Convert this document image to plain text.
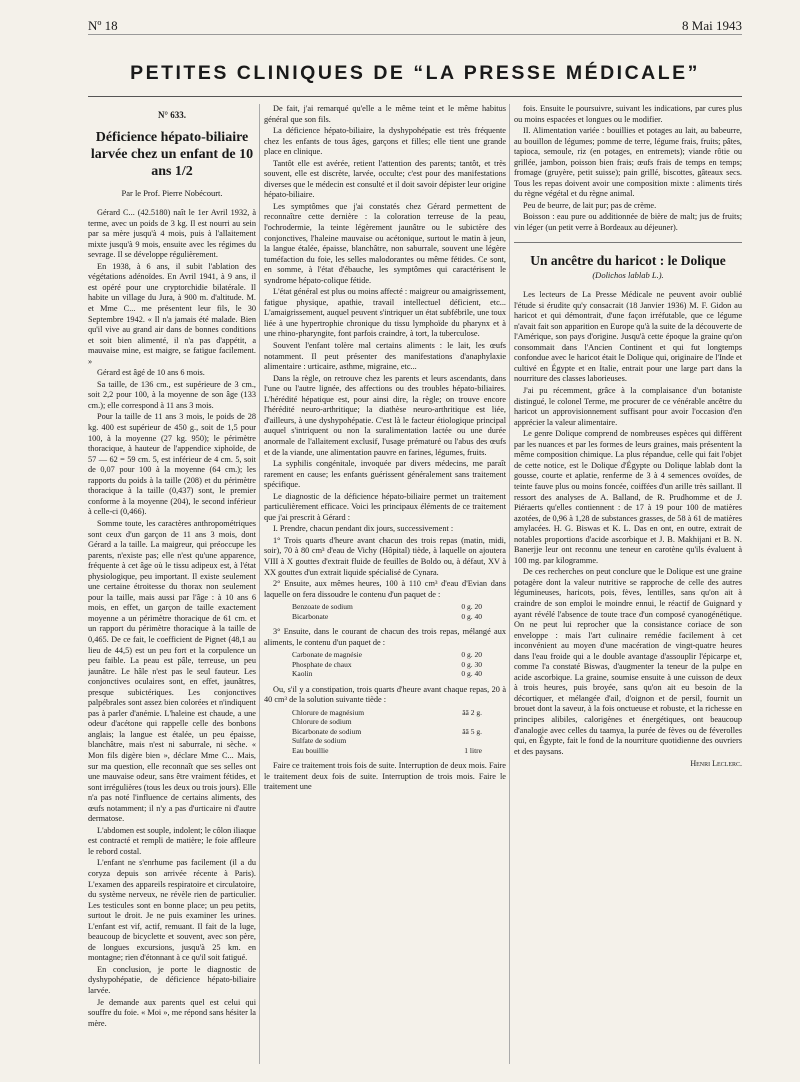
Nº 18	8 Mai 1943
PETITES CLINIQUES DE “LA PRESSE MÉDICALE”
N° 633.
Déficience hépato-biliaire larvée chez un enfant de 10 ans 1/2
Par le Prof. Pierre Nobécourt.

Gérard C... (42.5180) naît le 1er Avril 1932, à terme, avec un poids de 3 kg. Il est nourri au sein par sa mère jusqu'à 4 mois, puis à l'allaitement mixte jusqu'à 9 mois, ensuite avec les régimes du sevrage. Il se développe régulièrement.

En 1938, à 6 ans, il subit l'ablation des végétations adénoïdes. En Avril 1941, à 9 ans, il est opéré pour une cryptorchidie bilatérale. Il habite un village du Jura, à 900 m. d'altitude. M. et Mme C... me présentent leur fils, le 30 Septembre 1942. « Il n'a jamais été malade. Bien qu'il vive au grand air dans de bonnes conditions et soit bien alimenté, il n'a pas d'appétit, a mauvaise mine, est maigre, se fatigue facilement. »

Gérard est âgé de 10 ans 6 mois.

Sa taille, de 136 cm., est supérieure de 3 cm., soit 2,2 pour 100, à la moyenne de son âge (133 cm.); elle correspond à 11 ans 3 mois.

Pour la taille de 11 ans 3 mois, le poids de 28 kg. 400 est supérieur de 450 g., soit de 1,5 pour 100, à la moyenne (27 kg. 950); le périmètre thoracique, à hauteur de l'appendice xiphoïde, de 57 — 62 = 59 cm. 5, est inférieur de 4 cm. 5, soit de 0,07 pour 100 à la moyenne (64 cm.); les rapports du poids à la taille (208) et du périmètre thoracique à la taille (0,437) sont, le premier conforme à la moyenne (204), le second inférieur à celle-ci (0,466).

Somme toute, les caractères anthropométriques sont ceux d'un garçon de 11 ans 3 mois, dont Gérard a la taille. La maigreur, qui préoccupe les parents, n'existe pas; elle n'est qu'une apparence, fréquente à cet âge où le tissu adipeux est, à l'état physiologique, peu important. Il existe seulement une certaine étroitesse du thorax non seulement pour la taille, mais aussi par l'âge : à 10 ans 6 mois, en effet, un garçon de taille exactement moyenne a un périmètre thoracique de 61 cm. et un rapport du périmètre thoracique à la taille de 0,465. De ce fait, le coefficient de Pignet (48,1 au lieu de 44,5) est un peu fort et la corpulence un peu faible. La peau est pâle, terreuse, un peu jaunâtre. Le hâle n'est pas le seul fauteur. Les conjonctives oculaires sont, en effet, jaunâtres, presque subictériques. Les conjonctives palpébrales sont assez bien colorées et n'indiquent pas à parler d'anémie. L'haleine est chaude, a une odeur d'acétone qui rappelle celle des bonbons anglais; la langue est étalée, un peu épaisse, blanchâtre, mais n'est ni saburrale, ni sèche. « Mon fils digère bien », déclare Mme C... Mais, sur ma question, elle reconnaît que ses selles ont une mauvaise odeur, sans être vraiment fétides, et sont irrégulières (tous les deux ou trois jours). Elle n'a pas noté l'influence de certains aliments, des œufs notamment; il n'y a pas d'urticaire ni d'autre dermatose.

L'abdomen est souple, indolent; le côlon iliaque est contracté et rempli de matière; le foie affleure le rebord costal.

L'enfant ne s'enrhume pas facilement (il a du coryza depuis son arrivée récente à Paris). L'examen des appareils respiratoire et circulatoire, du système nerveux, ne révèle rien de particulier. Les testicules sont en bonne place; un peu petits, surtout le droit. Je ne puis examiner les urines. L'enfant est vif, actif, remuant. Il fait de la luge, beaucoup de bicyclette et souvent, avec son père, de longues excursions, jusqu'à 25 km. en montagne; rien d'étonnant à ce qu'il soit fatigué.

En conclusion, je porte le diagnostic de dyshypohépatie, de déficience hépato-biliaire larvée.

Je demande aux parents quel est celui qui souffre du foie. « Moi », me répond sans hésiter la mère.

De fait, j'ai remarqué qu'elle a le même teint et le même habitus général que son fils.

La déficience hépato-biliaire, la dyshypohépatie est très fréquente chez les enfants de tous âges, garçons et filles; elle tient une grande place en clinique.

Tantôt elle est avérée, retient l'attention des parents; tantôt, et très souvent, elle est discrète, larvée, occulte; c'est pour des manifestations diverses que le médecin est consulté et il doit savoir dépister leur origine hépato-biliaire.

Les symptômes que j'ai constatés chez Gérard permettent de reconnaître cette dernière : la coloration terreuse de la peau, l'ochrodermie, la teinte légèrement jaunâtre ou le subictère des conjonctives, l'haleine mauvaise ou acétonique, surtout le matin à jeun, la langue étalée, épaisse, blanchâtre, non saburrale, souvent une légère tuméfaction du foie, les selles malodorantes ou même fétides. Ce sont, en somme, à l'état d'ébauche, les symptômes qui caractérisent le syndrome hépato-colique fétide.

L'état général est plus ou moins affecté : maigreur ou amaigrissement, fatigue physique, apathie, travail intellectuel déficient, etc... L'amaigrissement, auquel peuvent s'intriquer un état subfébrile, une toux liée à une hypertrophie chronique du tissu lymphoïde du pharynx et à une rhino-pharyngite, font parfois craindre, à tort, la tuberculose.

Souvent l'enfant tolère mal certains aliments : le lait, les œufs notamment. Il peut présenter des manifestations d'anaphylaxie alimentaire : urticaire, asthme, migraine, etc...

Dans la règle, on retrouve chez les parents et leurs ascendants, dans l'une ou l'autre lignée, des affections ou des troubles hépato-biliaires. L'hérédité hépatique est, pour ainsi dire, la règle; on trouve encore l'hérédité neuro-arthritique; la diathèse neuro-arthritique est liée, d'ailleurs, à une dyshypohépatie. C'est là le facteur étiologique principal auquel s'intriquent ou non la suralimentation lactée ou une durée anormale de l'allaitement exclusif, l'usage prématuré ou l'abus des œufs et de la viande, une alimentation pauvre en farines, légumes, fruits.

La syphilis congénitale, invoquée par divers médecins, me paraît rarement en cause; les enfants guérissent généralement sans traitement spécifique.

Le diagnostic de la déficience hépato-biliaire permet un traitement particulièrement efficace. Voici les principaux éléments de ce traitement que j'ai prescrit à Gérard :

I. Prendre, chacun pendant dix jours, successivement :

1° Trois quarts d'heure avant chacun des trois repas (matin, midi, soir), 70 à 80 cm³ d'eau de Vichy (Hôpital) tiède, à laquelle on ajoutera VIII à X gouttes d'extrait fluide de feuilles de Boldo ou, à défaut, XV à XX gouttes d'un extrait liquide spécialisé de Cynara.

2° Ensuite, aux mêmes heures, 100 à 110 cm³ d'eau d'Evian dans laquelle on fera dissoudre le contenu d'un paquet de :

Benzoate de sodium	0 g. 20
Bicarbonate	0 g. 40

3° Ensuite, dans le courant de chacun des trois repas, mélangé aux aliments, le contenu d'un paquet de :

Carbonate de magnésie	0 g. 20
Phosphate de chaux	0 g. 30
Kaolin	0 g. 40

Ou, s'il y a constipation, trois quarts d'heure avant chaque repas, 20 à 40 cm³ de la solution suivante tiède :

Chlorure de magnésium	āā 2 g.
Chlorure de sodium
Bicarbonate de sodium	āā 5 g.
Sulfate de sodium
Eau bouillie	1 litre

Faire ce traitement trois fois de suite. Interruption de deux mois. Faire le traitement deux fois de suite. Interruption de trois mois. Faire le traitement une

fois. Ensuite le poursuivre, suivant les indications, par cures plus ou moins espacées et longues ou le modifier.

II. Alimentation variée : bouillies et potages au lait, au babeurre, au bouillon de légumes; pomme de terre, légume frais, fruits; pâtes, tapioca, semoule, riz (en potages, en entremets); viande rôtie ou grillée, jambon, poisson bien frais; œufs frais de temps en temps; fromage (gruyère, petit suisse); pain grillé, biscottes, gâteaux secs. Tous les repas doivent avoir une composition mixte : aliments tirés du règne végétal et du règne animal.

Peu de beurre, de lait pur; pas de crème.

Boisson : eau pure ou additionnée de bière de malt; jus de fruits; vin léger (un petit verre à Bordeaux au déjeuner).

Un ancêtre du haricot : le Dolique
(Dolichos lablab L.).

Les lecteurs de La Presse Médicale ne peuvent avoir oublié l'étude si érudite qu'y consacrait (18 Janvier 1936) M. F. Gidon au haricot et qui démontrait, d'une façon irréfutable, que ce légume n'avait fait son apparition en Europe qu'à la suite de la découverte de l'Amérique, son pays d'origine. Jusqu'à cette époque la graine qu'on consommait dans l'Ancien Continent et qui fut longtemps confondue avec le haricot était le Dolique qui, originaire de l'Inde et cultivé en Égypte et en Italie, entrait pour une large part dans la nourriture des classes laborieuses.

J'ai pu récemment, grâce à la complaisance d'un botaniste distingué, le colonel Terme, me procurer de ce vénérable ancêtre du haricot un approvisionnement suffisant pour avoir l'occasion d'en apprécier la valeur alimentaire.

Le genre Dolique comprend de nombreuses espèces qui diffèrent par les nuances et par les formes de leurs graines, mais présentent la même composition chimique. La plus répandue, celle qui fait l'objet de cette notice, est le Dolique d'Égypte ou Dolique lablab dont la gousse, courte et aplatie, renferme de 3 à 4 semences ovoïdes, de teinte fauve plus ou moins foncée, coiffées d'un arille très saillant. Il ressort des analyses de A. Balland, de R. Prudhomme et de J. Piéraerts qu'elles contiennent : de 17 à 19 pour 100 de matières azotées, de 0,96 à 1,28 de substances grasses, de 58 à 61 de matières amylacées. H. G. Biswas et K. L. Das en ont, en outre, extrait de notables proportions d'acide ascorbique et J. B. Makhijani et B. N. Banerjje leur ont reconnu une teneur en carotène qu'ils évaluent à 100 mg. par kilogramme.

De ces recherches on peut conclure que le Dolique est une graine potagère dont la valeur nutritive se rapproche de celle des autres légumineuses, haricots, pois, fèves, lentilles, sans qu'on ait à craindre de son emploi le moindre ennui, le réactif de Guignard y ayant révélé l'absence de toute trace d'un composé cyanogénétique. On ne peut lui reprocher que la consistance coriace de son enveloppe : mais l'art culinaire remédie facilement à cet inconvénient au moyen d'une macération de vingt-quatre heures dans l'eau froide qui a le double avantage d'assouplir l'épicarpe et, comme l'a constaté Biswas, d'augmenter la teneur de la pulpe en acide ascorbique. La graine, soumise ensuite à une cuisson de deux à trois heures, puis broyée, sans qu'on ait eu besoin de la décortiquer, et mélangée d'ail, d'oignon et de persil, fournit un brouet dont la saveur, à la fois onctueuse et robuste, et la richesse en principes alibiles, calorigènes et énergétiques, ont beaucoup d'analogie avec celles du taamya, la purée de fèves ou de féverolles qui, en Égypte, fait le fond de la nourriture quotidienne des ouvriers et des paysans.

Henri Leclerc.
